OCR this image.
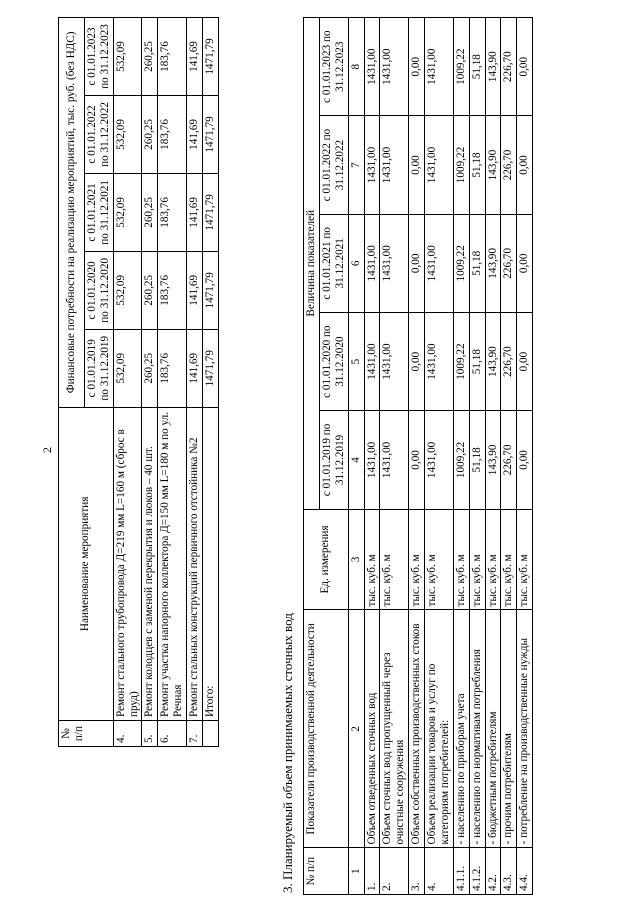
2
№ п/п	Наименование мероприятия	Финансовые потребности на реализацию мероприятий, тыс. руб. (без НДС)				
		с 01.01.2019 по 31.12.2019	с 01.01.2020 по 31.12.2020	с 01.01.2021 по 31.12.2021	с 01.01.2022 по 31.12.2022	с 01.01.2023 по 31.12.2023
4.	Ремонт стального трубопровода Д=219 мм L=160 м (сброс в пруд)	532,09	532,09	532,09	532,09	532,09
5.	Ремонт колодцев с заменой перекрытия и люков – 40 шт.	260,25	260,25	260,25	260,25	260,25
6.	Ремонт участка напорного коллектора Д=150 мм L=180 м по ул. Речная	183,76	183,76	183,76	183,76	183,76
7.	Ремонт стальных конструкций первичного отстойника №2	141,69	141,69	141,69	141,69	141,69
	Итого:	1471,79	1471,79	1471,79	1471,79	1471,79
3. Планируемый объем принимаемых сточных вод № п/п	Показатели производственной деятельности	Ед. измерения	Величина показателей				
			с 01.01.2019 по 31.12.2019	с 01.01.2020 по 31.12.2020	с 01.01.2021 по 31.12.2021	с 01.01.2022 по 31.12.2022	с 01.01.2023 по 31.12.2023
1	2	3	4	5	6	7	8
1.	Объем отведенных сточных вод	тыс. куб. м	1431,00	1431,00	1431,00	1431,00	1431,00
2.	Объем сточных вод пропущенный через очистные сооружения	тыс. куб. м	1431,00	1431,00	1431,00	1431,00	1431,00
3.	Объем собственных производственных стоков	тыс. куб. м	0,00	0,00	0,00	0,00	0,00
4.	Объем реализации товаров и услуг по категориям потребителей:	тыс. куб. м	1431,00	1431,00	1431,00	1431,00	1431,00
4.1.1.	- населению по приборам учета	тыс. куб. м	1009,22	1009,22	1009,22	1009,22	1009,22
4.1.2.	- населению по нормативам потребления	тыс. куб. м	51,18	51,18	51,18	51,18	51,18
4.2.	- бюджетным потребителям	тыс. куб. м	143,90	143,90	143,90	143,90	143,90
4.3.	- прочим потребителям	тыс. куб. м	226,70	226,70	226,70	226,70	226,70
4.4.	- потребление на производственные нужды	тыс. куб. м	0,00	0,00	0,00	0,00	0,00
